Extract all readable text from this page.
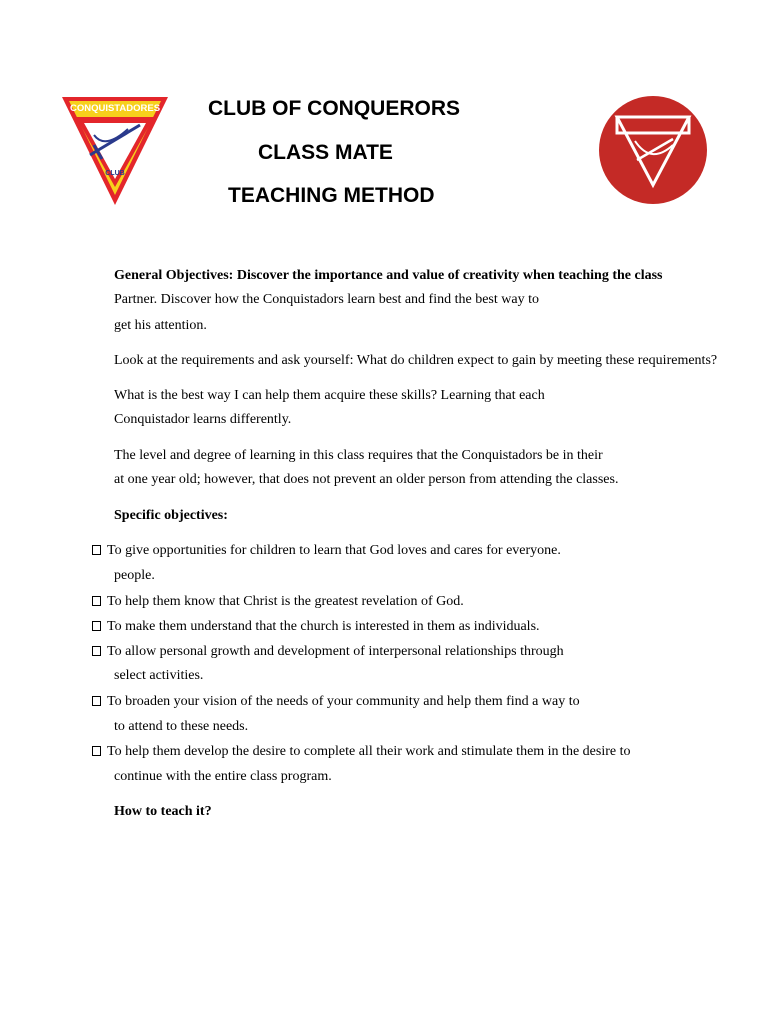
CONQUISTADORES
CLUB
CLUB OF CONQUERORS
CLASS MATE
TEACHING METHOD
General Objectives: Discover the importance and value of creativity when teaching the class
Partner. Discover how the Conquistadors learn best and find the best way to
get his attention.
Look at the requirements and ask yourself: What do children expect to gain by meeting these requirements?
What is the best way I can help them acquire these skills? Learning that each
Conquistador learns differently.
The level and degree of learning in this class requires that the Conquistadors be in their
at one year old; however, that does not prevent an older person from attending the classes.
Specific objectives:
To give opportunities for children to learn that God loves and cares for everyone.
people.
To help them know that Christ is the greatest revelation of God.
To make them understand that the church is interested in them as individuals.
To allow personal growth and development of interpersonal relationships through
select activities.
To broaden your vision of the needs of your community and help them find a way to
to attend to these needs.
To help them develop the desire to complete all their work and stimulate them in the desire to
continue with the entire class program.
How to teach it?
